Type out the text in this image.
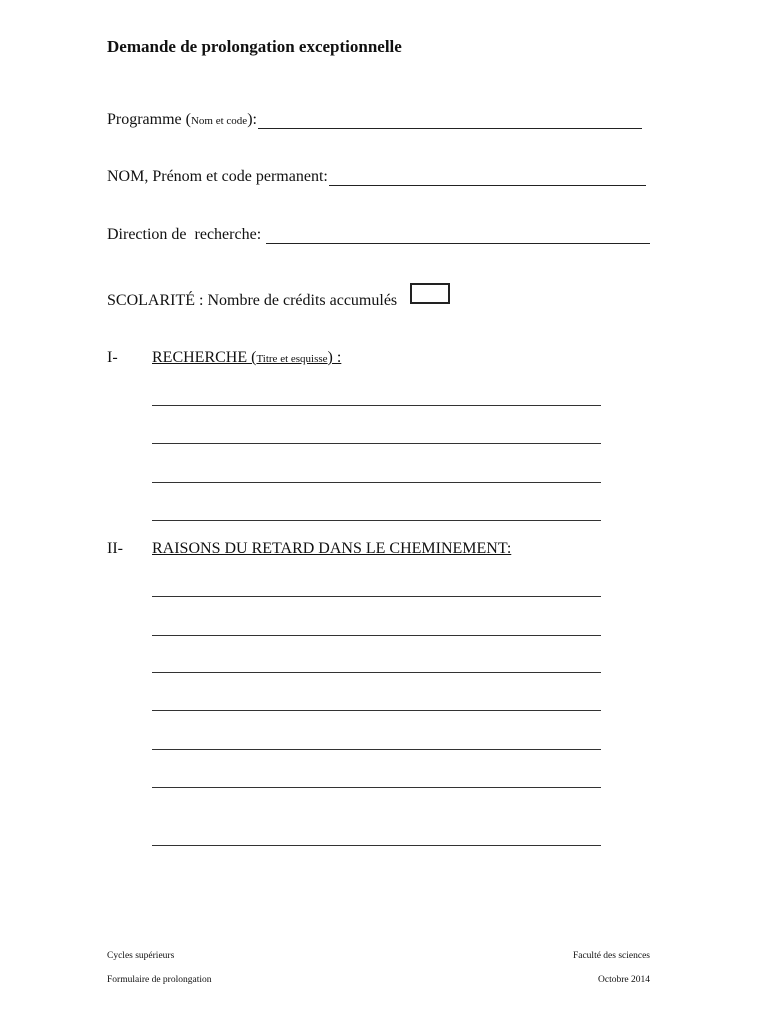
Demande de prolongation exceptionnelle
Programme (Nom et code):
NOM, Prénom et code permanent:
Direction de  recherche:
SCOLARITÉ : Nombre de crédits accumulés
I- RECHERCHE (Titre et esquisse) :
II- RAISONS DU RETARD DANS LE CHEMINEMENT:
Cycles supérieurs
Formulaire de prolongation
Faculté des sciences
Octobre 2014
